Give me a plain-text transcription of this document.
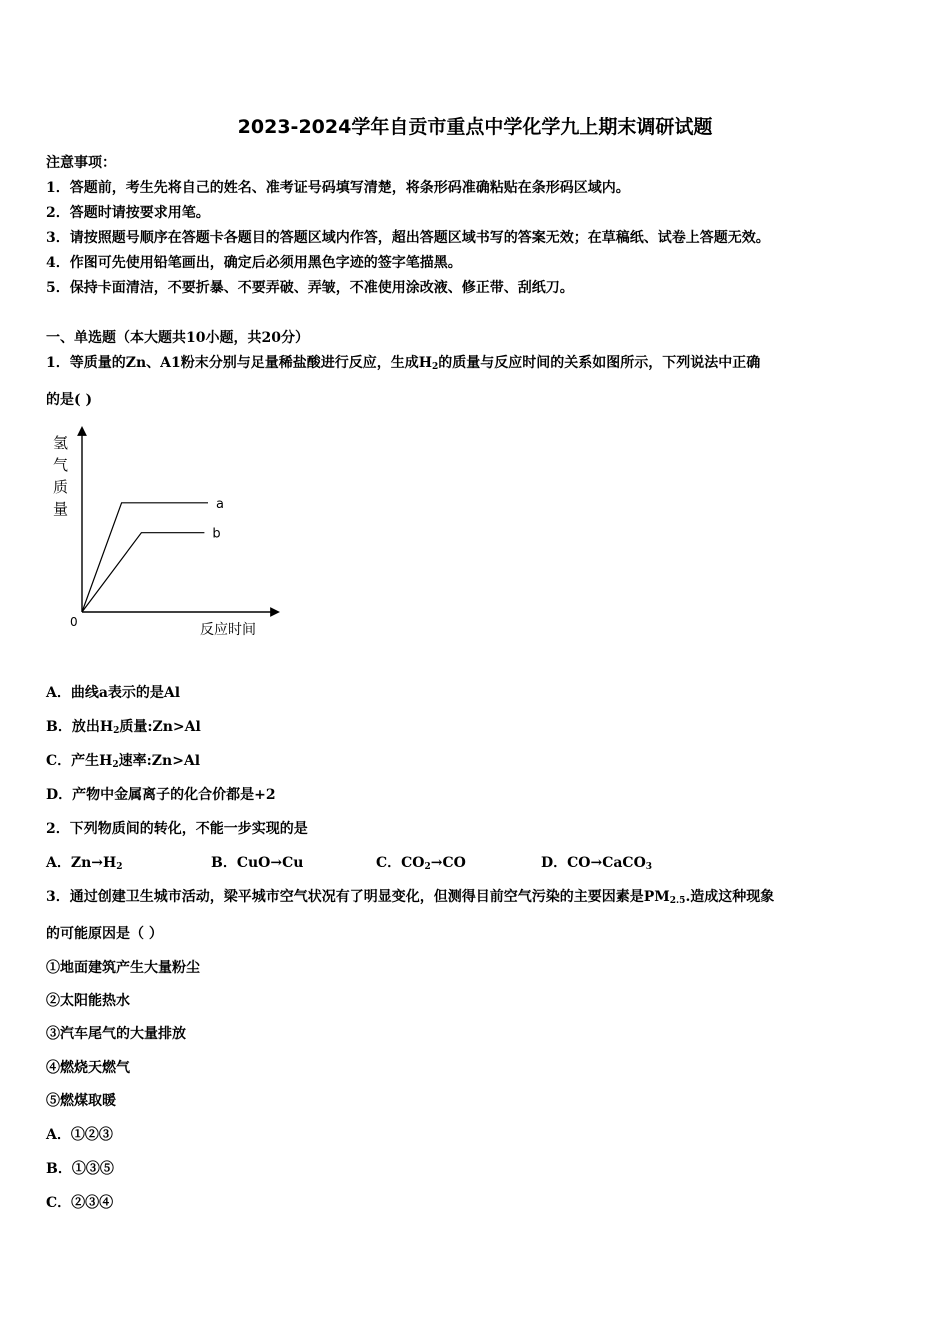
2023-2024学年自贡市重点中学化学九上期末调研试题
注意事项：
1．答题前，考生先将自己的姓名、准考证号码填写清楚，将条形码准确粘贴在条形码区域内。
2．答题时请按要求用笔。
3．请按照题号顺序在答题卡各题目的答题区域内作答，超出答题区域书写的答案无效；在草稿纸、试卷上答题无效。
4．作图可先使用铅笔画出，确定后必须用黑色字迹的签字笔描黑。
5．保持卡面清洁，不要折暴、不要弄破、弄皱，不准使用涂改液、修正带、刮纸刀。
一、单选题（本大题共10小题，共20分）
1．等质量的Zn、A1粉末分别与足量稀盐酸进行反应，生成$H_2$的质量与反应时间的关系如图所示，下列说法中正确
的是( )
氢
气
质
量
反应时间
0
a
b
A．曲线a表示的是Al
B．放出$H_2$质量:Zn>Al
C．产生$H_2$速率:Zn>Al
D．产物中金属离子的化合价都是+2
2．下列物质间的转化，不能一步实现的是
A．$Zn\to H_2$	B．CuO→Cu	C．$CO_2\to CO$	D．CO→CaCO$_3$
3．通过创建卫生城市活动，梁平城市空气状况有了明显变化，但测得目前空气污染的主要因素是$PM_{2.5}$.造成这种现象
的可能原因是（ ）
①地面建筑产生大量粉尘
②太阳能热水
③汽车尾气的大量排放
④燃烧天燃气
⑤燃煤取暖
A．①②③
B．①③⑤
C．②③④
